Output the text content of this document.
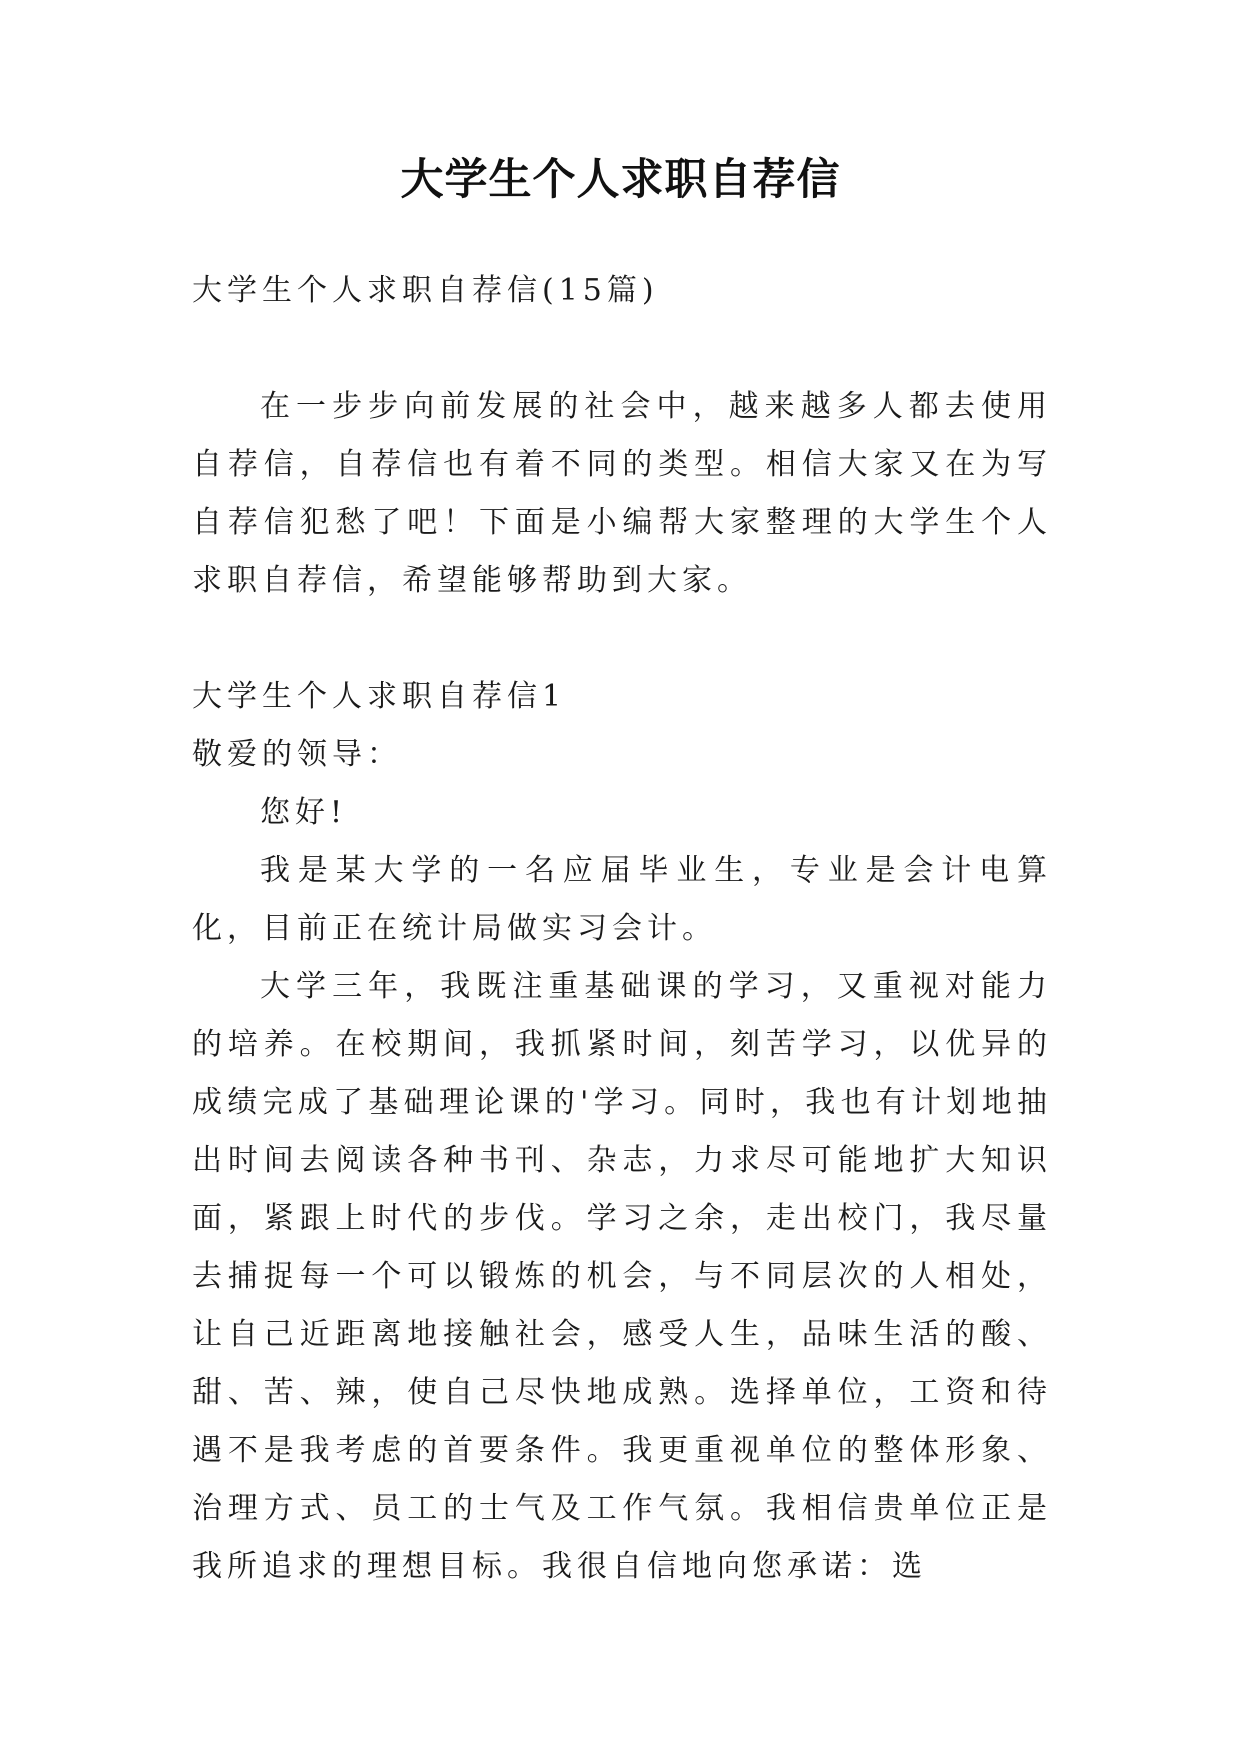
大学生个人求职自荐信

大学生个人求职自荐信(15篇)

在一步步向前发展的社会中，越来越多人都去使用自荐信，自荐信也有着不同的类型。相信大家又在为写自荐信犯愁了吧！下面是小编帮大家整理的大学生个人求职自荐信，希望能够帮助到大家。

大学生个人求职自荐信1

敬爱的领导：

您好!

我是某大学的一名应届毕业生，专业是会计电算化，目前正在统计局做实习会计。

大学三年，我既注重基础课的学习，又重视对能力的培养。在校期间，我抓紧时间，刻苦学习，以优异的成绩完成了基础理论课的'学习。同时，我也有计划地抽出时间去阅读各种书刊、杂志，力求尽可能地扩大知识面，紧跟上时代的步伐。学习之余，走出校门，我尽量去捕捉每一个可以锻炼的机会，与不同层次的人相处，让自己近距离地接触社会，感受人生，品味生活的酸、甜、苦、辣，使自己尽快地成熟。选择单位，工资和待遇不是我考虑的首要条件。我更重视单位的整体形象、治理方式、员工的士气及工作气氛。我相信贵单位正是我所追求的理想目标。我很自信地向您承诺：选
